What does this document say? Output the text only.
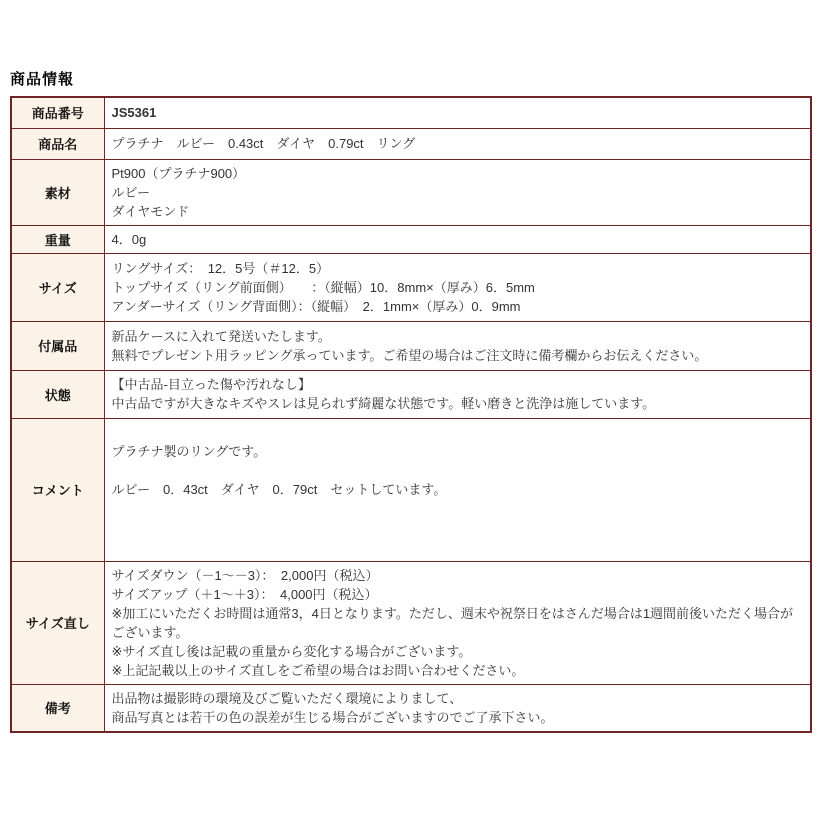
商品情報
商品番号	JS5361

商品名	プラチナ　ルビー　0.43ct　ダイヤ　0.79ct　リング

素材	Pt900（プラチナ900）
ルビー
ダイヤモンド

重量	4．0g

サイズ	リングサイズ：　12．5号（＃12．5）
トップサイズ（リング前面側）　　：（縦幅）10．8mm×（厚み）6．5mm
アンダーサイズ（リング背面側）：（縦幅）　2．1mm×（厚み）0．9mm

付属品	新品ケースに入れて発送いたします。
無料でプレゼント用ラッピング承っています。ご希望の場合はご注文時に備考欄からお伝えください。

状態	【中古品-目立った傷や汚れなし】
中古品ですが大きなキズやスレは見られず綺麗な状態です。軽い磨きと洗浄は施しています。

コメント	プラチナ製のリングです。
ルビー　0．43ct　ダイヤ　0．79ct　セットしています。

サイズ直し	サイズダウン（－1～－3）：　2,000円（税込）
サイズアップ（＋1～＋3）：　4,000円（税込）
※加工にいただくお時間は通常3，4日となります。ただし、週末や祝祭日をはさんだ場合は1週間前後いただく場合がございます。
※サイズ直し後は記載の重量から変化する場合がございます。
※上記記載以上のサイズ直しをご希望の場合はお問い合わせください。

備考	出品物は撮影時の環境及びご覧いただく環境によりまして、
商品写真とは若干の色の誤差が生じる場合がございますのでご了承下さい。
